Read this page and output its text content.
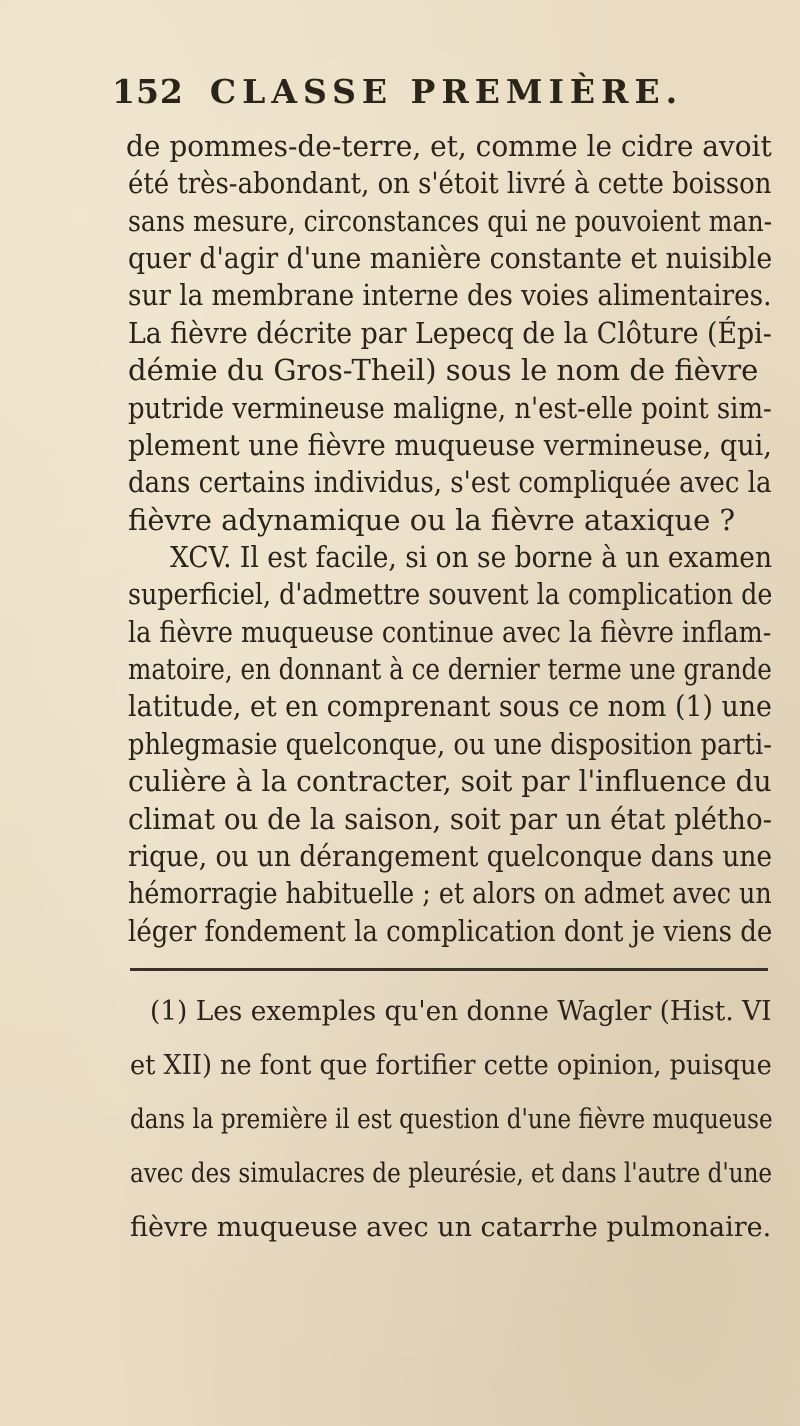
152 CLASSE PREMIÈRE.
de pommes-de-terre, et, comme le cidre avoit
été très-abondant, on s'étoit livré à cette boisson
sans mesure, circonstances qui ne pouvoient man-
quer d'agir d'une manière constante et nuisible
sur la membrane interne des voies alimentaires.
La fièvre décrite par Lepecq de la Clôture (Épi-
démie du Gros-Theil) sous le nom de fièvre
putride vermineuse maligne, n'est-elle point sim-
plement une fièvre muqueuse vermineuse, qui,
dans certains individus, s'est compliquée avec la
fièvre adynamique ou la fièvre ataxique ?
XCV. Il est facile, si on se borne à un examen
superficiel, d'admettre souvent la complication de
la fièvre muqueuse continue avec la fièvre inflam-
matoire, en donnant à ce dernier terme une grande
latitude, et en comprenant sous ce nom (1) une
phlegmasie quelconque, ou une disposition parti-
culière à la contracter, soit par l'influence du
climat ou de la saison, soit par un état plétho-
rique, ou un dérangement quelconque dans une
hémorragie habituelle ; et alors on admet avec un
léger fondement la complication dont je viens de
(1) Les exemples qu'en donne Wagler (Hist. VI
et XII) ne font que fortifier cette opinion, puisque
dans la première il est question d'une fièvre muqueuse
avec des simulacres de pleurésie, et dans l'autre d'une
fièvre muqueuse avec un catarrhe pulmonaire.
